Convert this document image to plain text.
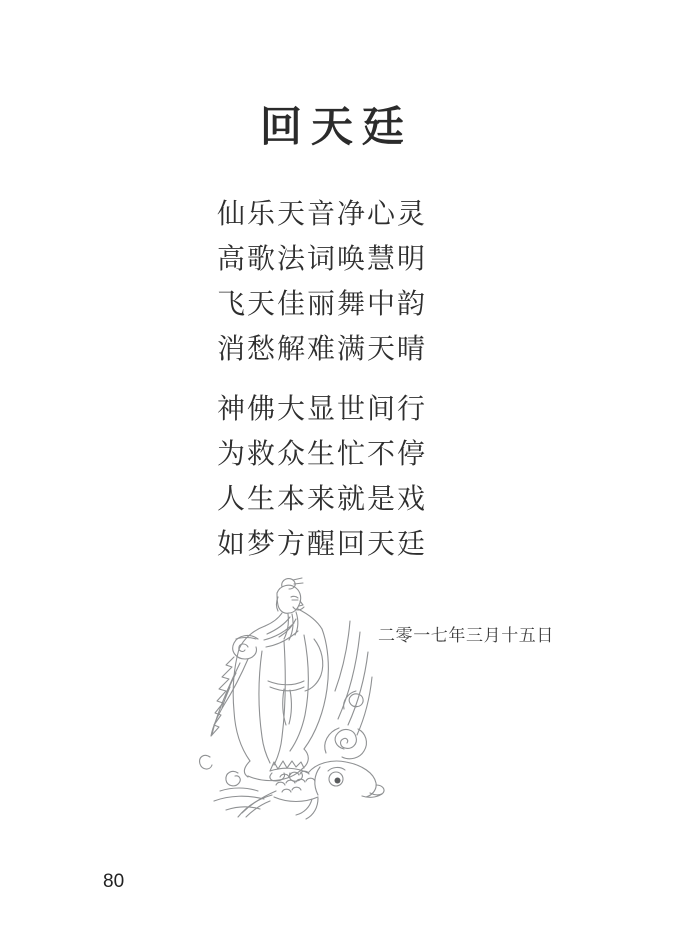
回天廷
仙乐天音净心灵
高歌法词唤慧明
飞天佳丽舞中韵
消愁解难满天晴
神佛大显世间行
为救众生忙不停
人生本来就是戏
如梦方醒回天廷
二零一七年三月十五日
80
